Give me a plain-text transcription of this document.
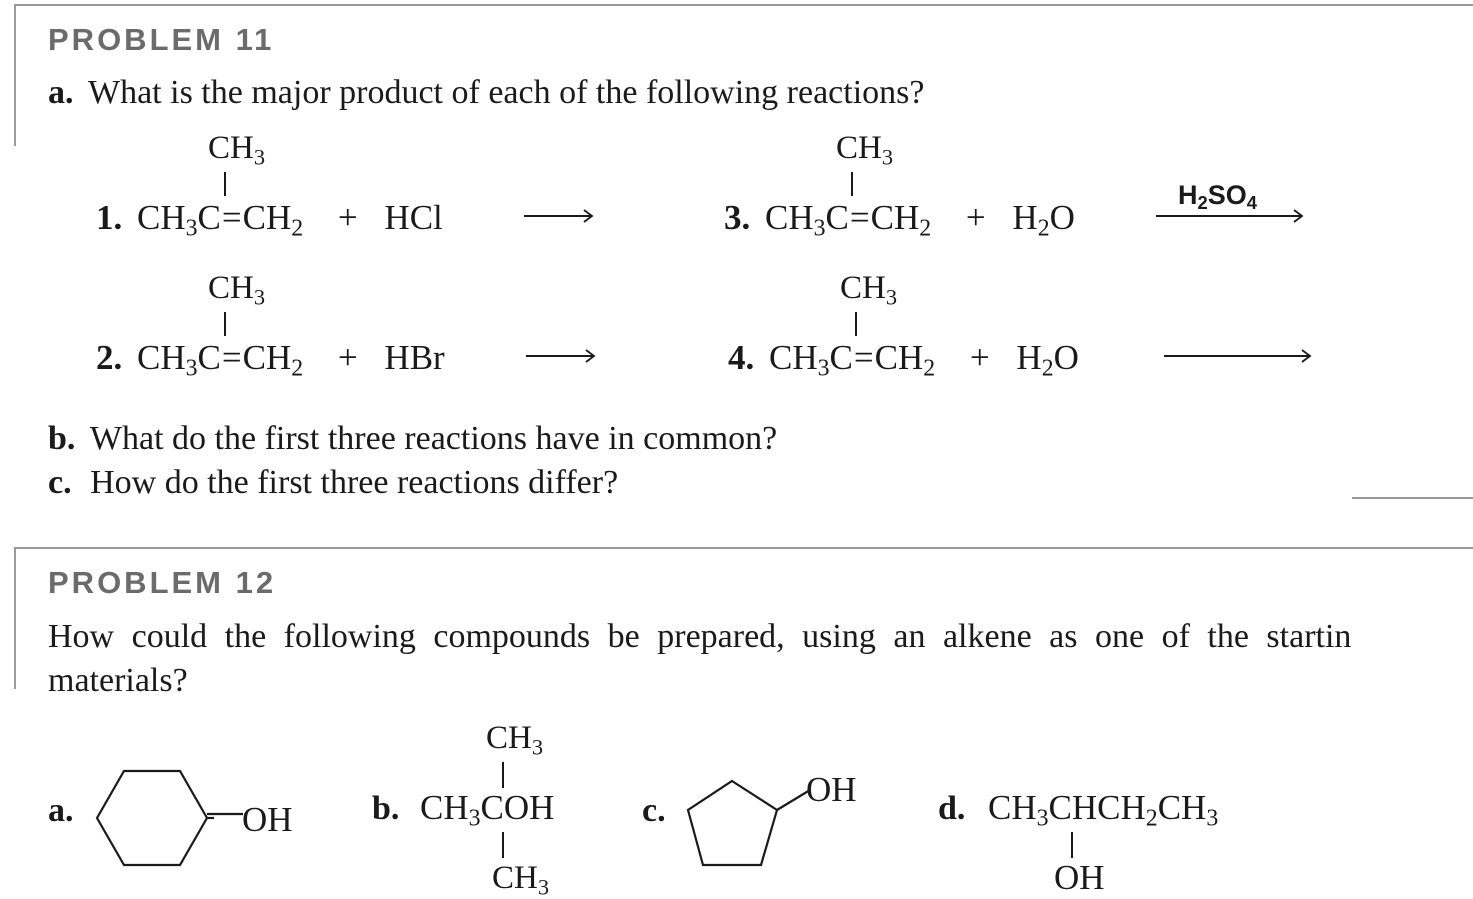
PROBLEM 11
a. What is the major product of each of the following reactions?
$CH_3$
1. $CH_3C=CH_2$ + HCl
$CH_3$
2. $CH_3C=CH_2$ + HBr
$CH_3$
3. $CH_3C=CH_2 + H_2O$
$H_2SO_4$
$CH_3$
4. $CH_3C=CH_2 + H_2O$
b. What do the first three reactions have in common?
c. How do the first three reactions differ?
PROBLEM 12
How could the following compounds be prepared, using an alkene as one of the startin
materials?
a.	OH
$CH_3$
b. $CH_3COH$
$CH_3$
c.
OH d. $CH_3CHCH_2CH_3$
OH
